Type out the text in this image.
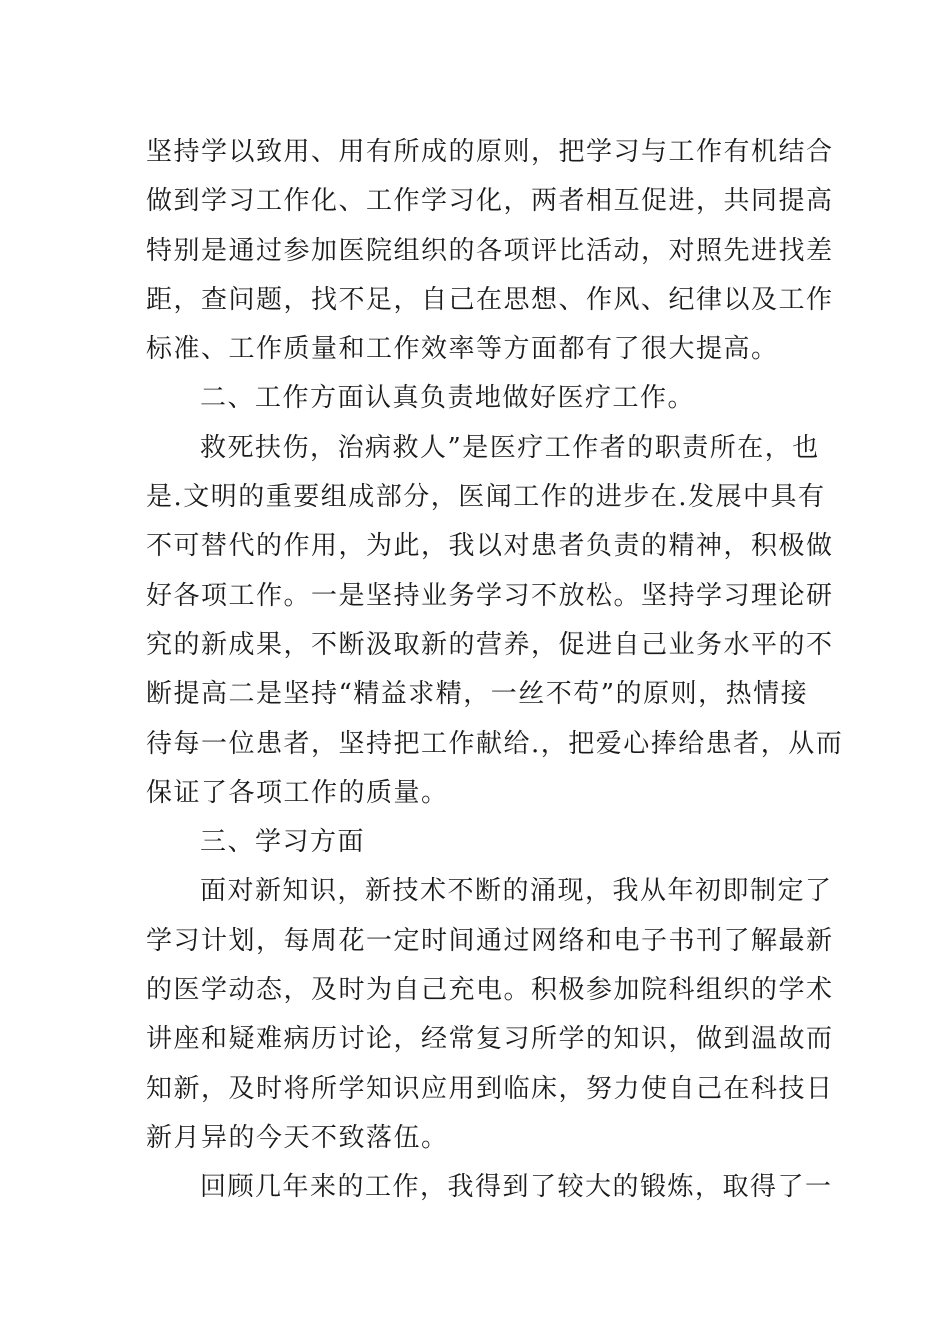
坚持学以致用、用有所成的原则，把学习与工作有机结合
做到学习工作化、工作学习化，两者相互促进，共同提高
特别是通过参加医院组织的各项评比活动，对照先进找差
距，查问题，找不足，自己在思想、作风、纪律以及工作
标准、工作质量和工作效率等方面都有了很大提高。
二、工作方面认真负责地做好医疗工作。
救死扶伤，治病救人”是医疗工作者的职责所在，也
是.文明的重要组成部分，医闻工作的进步在.发展中具有
不可替代的作用，为此，我以对患者负责的精神，积极做
好各项工作。一是坚持业务学习不放松。坚持学习理论研
究的新成果，不断汲取新的营养，促进自己业务水平的不
断提高二是坚持“精益求精，一丝不苟”的原则，热情接
待每一位患者，坚持把工作献给.，把爱心捧给患者，从而
保证了各项工作的质量。
三、学习方面
面对新知识，新技术不断的涌现，我从年初即制定了
学习计划，每周花一定时间通过网络和电子书刊了解最新
的医学动态，及时为自己充电。积极参加院科组织的学术
讲座和疑难病历讨论，经常复习所学的知识，做到温故而
知新，及时将所学知识应用到临床，努力使自己在科技日
新月异的今天不致落伍。
回顾几年来的工作，我得到了较大的锻炼，取得了一
